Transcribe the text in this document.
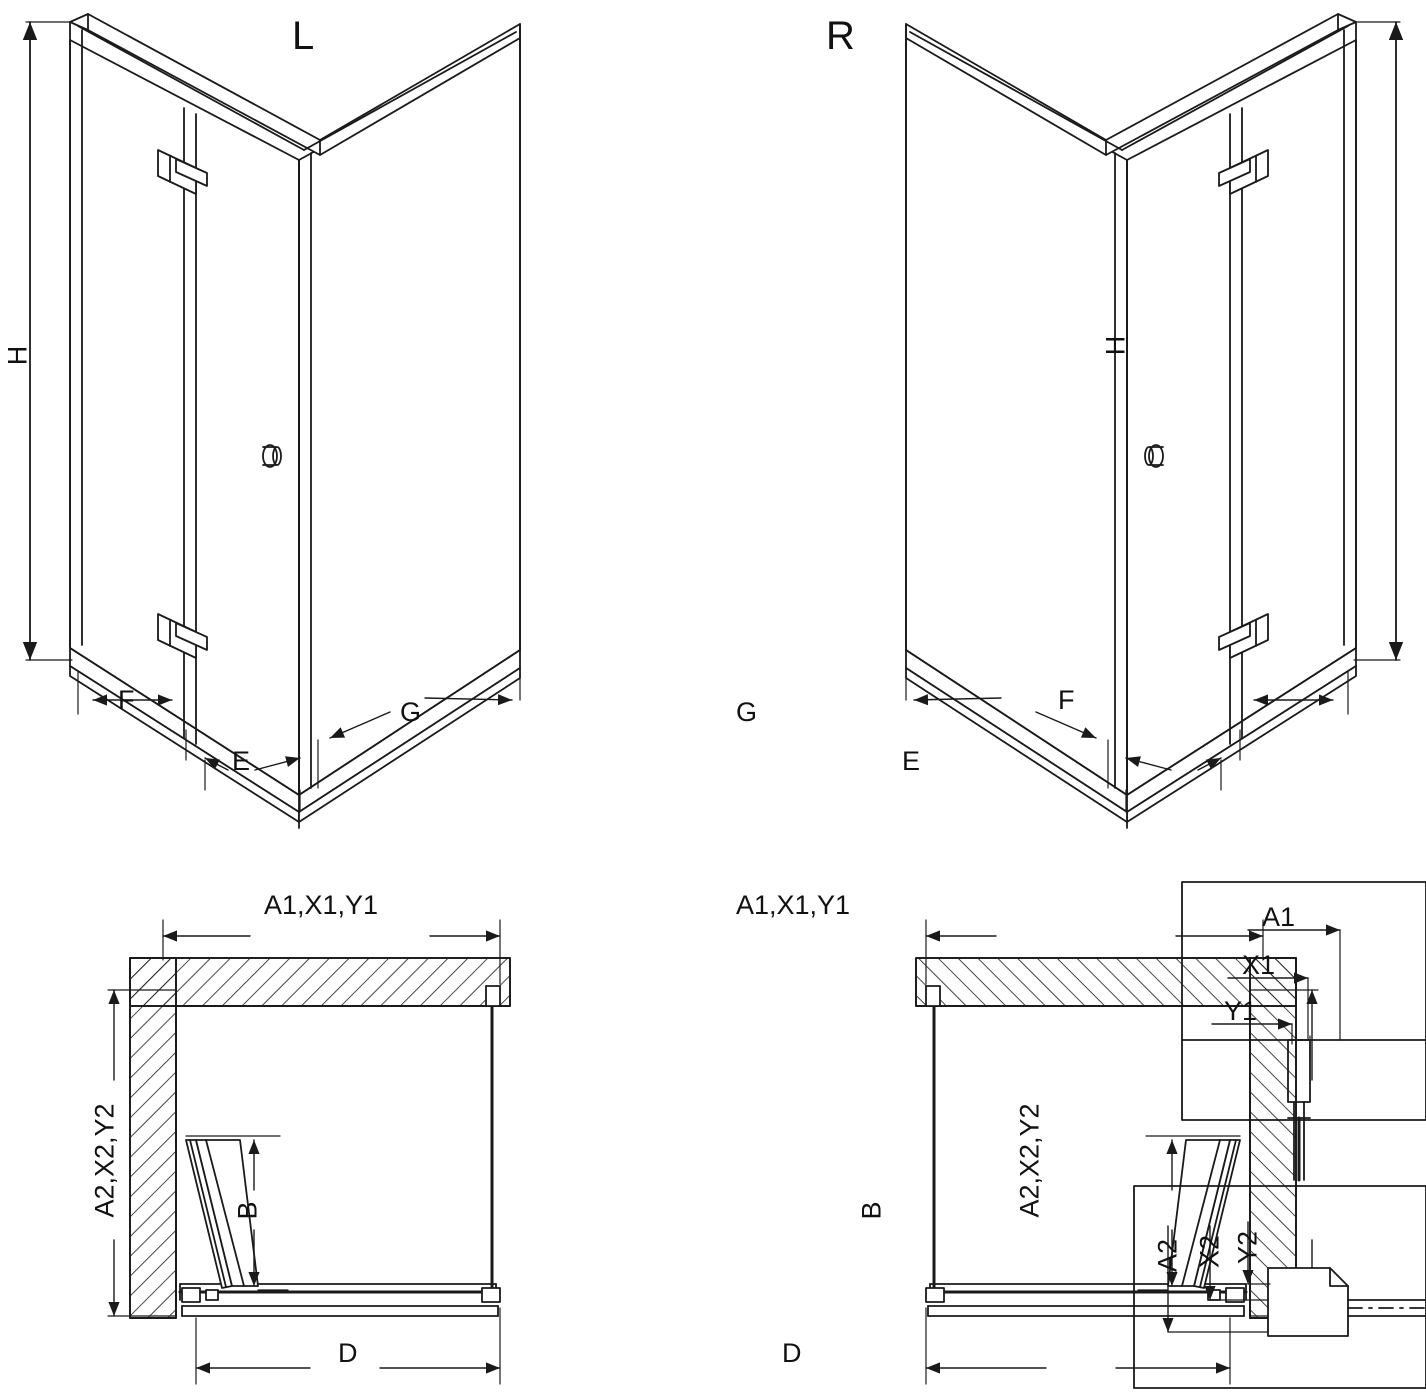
L	R
H
H
F
E
G	G
E
F
A1,X1,Y1	A1,X1,Y1
A2,X2,Y2	A2,X2,Y2
B	B
D	D
A1
X1
Y1
A2 X2 Y2
